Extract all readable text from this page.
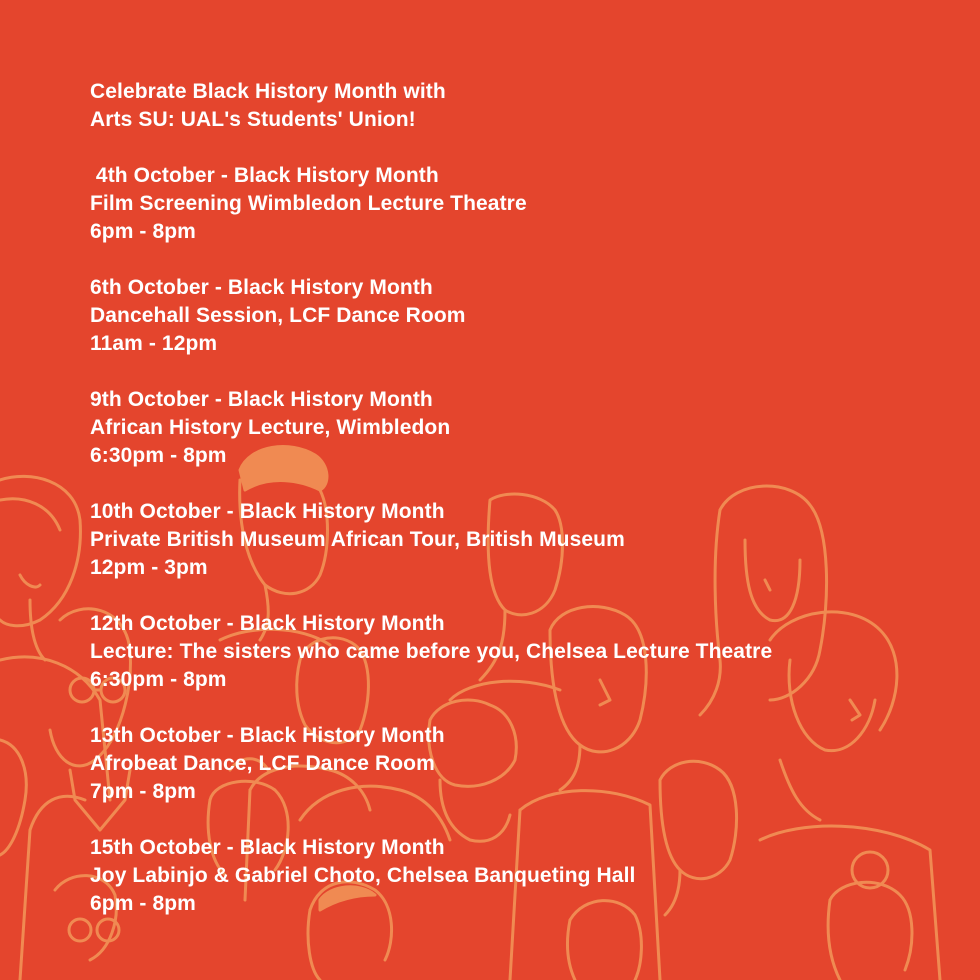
Celebrate Black History Month with

Arts SU: UAL's Students' Union!

4th October - Black History Month

Film Screening Wimbledon Lecture Theatre

6pm - 8pm

6th October - Black History Month

Dancehall Session, LCF Dance Room

11am - 12pm

9th October - Black History Month

African History Lecture, Wimbledon

6:30pm - 8pm

10th October - Black History Month

Private British Museum African Tour, British Museum

12pm - 3pm

12th October - Black History Month

Lecture: The sisters who came before you, Chelsea Lecture Theatre

6:30pm - 8pm

13th October - Black History Month

Afrobeat Dance, LCF Dance Room

7pm - 8pm

15th October - Black History Month

Joy Labinjo & Gabriel Choto, Chelsea Banqueting Hall

6pm - 8pm
